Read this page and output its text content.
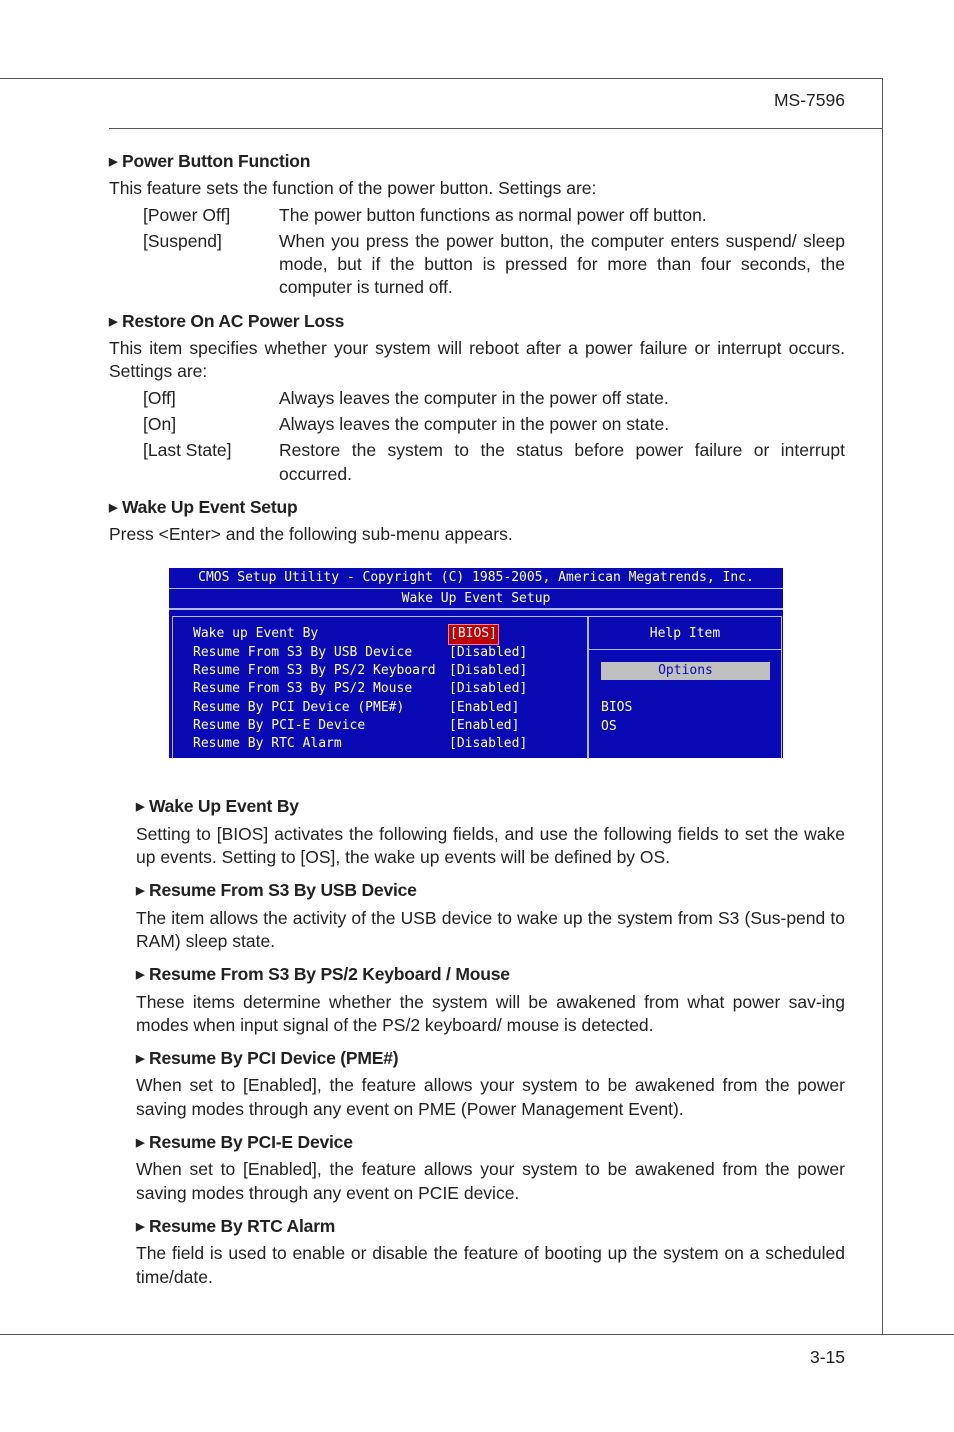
MS-7596
3-15
▶ Power Button Function
This feature sets the function of the power button. Settings are:
[Power Off]	The power button functions as normal power off button.
[Suspend]	When you press the power button, the computer enters suspend/ sleep mode, but if the button is pressed for more than four seconds, the computer is turned off.
▶ Restore On AC Power Loss
This item specifies whether your system will reboot after a power failure or interrupt occurs. Settings are:
[Off]	Always leaves the computer in the power off state.
[On]	Always leaves the computer in the power on state.
[Last State]	Restore the system to the status before power failure or interrupt occurred.
▶ Wake Up Event Setup
Press <Enter> and the following sub-menu appears.
CMOS Setup Utility - Copyright (C) 1985-2005, American Megatrends, Inc.
Wake Up Event Setup
Wake up Event By	[BIOS]
Resume From S3 By USB Device	[Disabled]
Resume From S3 By PS/2 Keyboard [Disabled]
Resume From S3 By PS/2 Mouse	[Disabled]
Resume By PCI Device (PME#)	[Enabled]
Resume By PCI-E Device	[Enabled]
Resume By RTC Alarm	[Disabled]
Help Item
Options
BIOS
OS
▶ Wake Up Event By
Setting to [BIOS] activates the following fields, and use the following fields to set the wake up events. Setting to [OS], the wake up events will be defined by OS.
▶ Resume From S3 By USB Device
The item allows the activity of the USB device to wake up the system from S3 (Sus-pend to RAM) sleep state.
▶ Resume From S3 By PS/2 Keyboard / Mouse
These items determine whether the system will be awakened from what power sav-ing modes when input signal of the PS/2 keyboard/ mouse is detected.
▶ Resume By PCI Device (PME#)
When set to [Enabled], the feature allows your system to be awakened from the power saving modes through any event on PME (Power Management Event).
▶ Resume By PCI-E Device
When set to [Enabled], the feature allows your system to be awakened from the power saving modes through any event on PCIE device.
▶ Resume By RTC Alarm
The field is used to enable or disable the feature of booting up the system on a scheduled time/date.
